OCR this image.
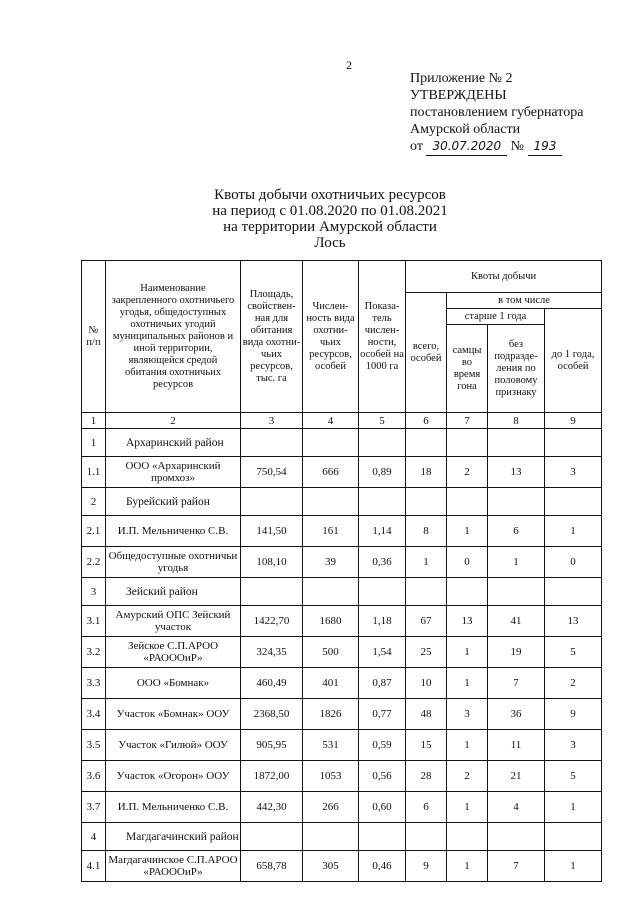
2
Приложение № 2
УТВЕРЖДЕНЫ
постановлением губернатора
Амурской области
от 30.07.2020 № 193
Квоты добычи охотничьих ресурсов
на период с 01.08.2020 по 01.08.2021
на территории Амурской области
Лось
№ п/п	Наименование закрепленного охотничьего угодья, общедоступных охотничьих угодий муниципальных районов и иной территории, являющейся средой обитания охотничьих ресурсов	Площадь, свойствен-ная для обитания вида охотни-чьих ресурсов, тыс. га	Числен-ность вида охотни-чьих ресурсов, особей	Показа-тель числен-ности, особей на 1000 га	Квоты добычи			
					всего, особей	в том числе		
						старше 1 года		до 1 года, особей
						самцы во время гона	без подразде-ления по половому признаку	
1	2	3	4	5	6	7	8	9
1	Архаринский район							
1.1	ООО «Архаринский промхоз»	750,54	666	0,89	18	2	13	3
2	Бурейский район							
2.1	И.П. Мельниченко С.В.	141,50	161	1,14	8	1	6	1
2.2	Общедоступные охотничьи угодья	108,10	39	0,36	1	0	1	0
3	Зейский район							
3.1	Амурский ОПС Зейский участок	1422,70	1680	1,18	67	13	41	13
3.2	Зейское С.П.АРОО «РАОООиР»	324,35	500	1,54	25	1	19	5
3.3	ООО «Бомнак»	460,49	401	0,87	10	1	7	2
3.4	Участок «Бомнак» ООУ	2368,50	1826	0,77	48	3	36	9
3.5	Участок «Гилюй» ООУ	905,95	531	0,59	15	1	11	3
3.6	Участок «Огорон» ООУ	1872,00	1053	0,56	28	2	21	5
3.7	И.П. Мельниченко С.В.	442,30	266	0,60	6	1	4	1
4	Магдагачинский район							
4.1	Магдагачинское С.П.АРОО «РАОООиР»	658,78	305	0,46	9	1	7	1
